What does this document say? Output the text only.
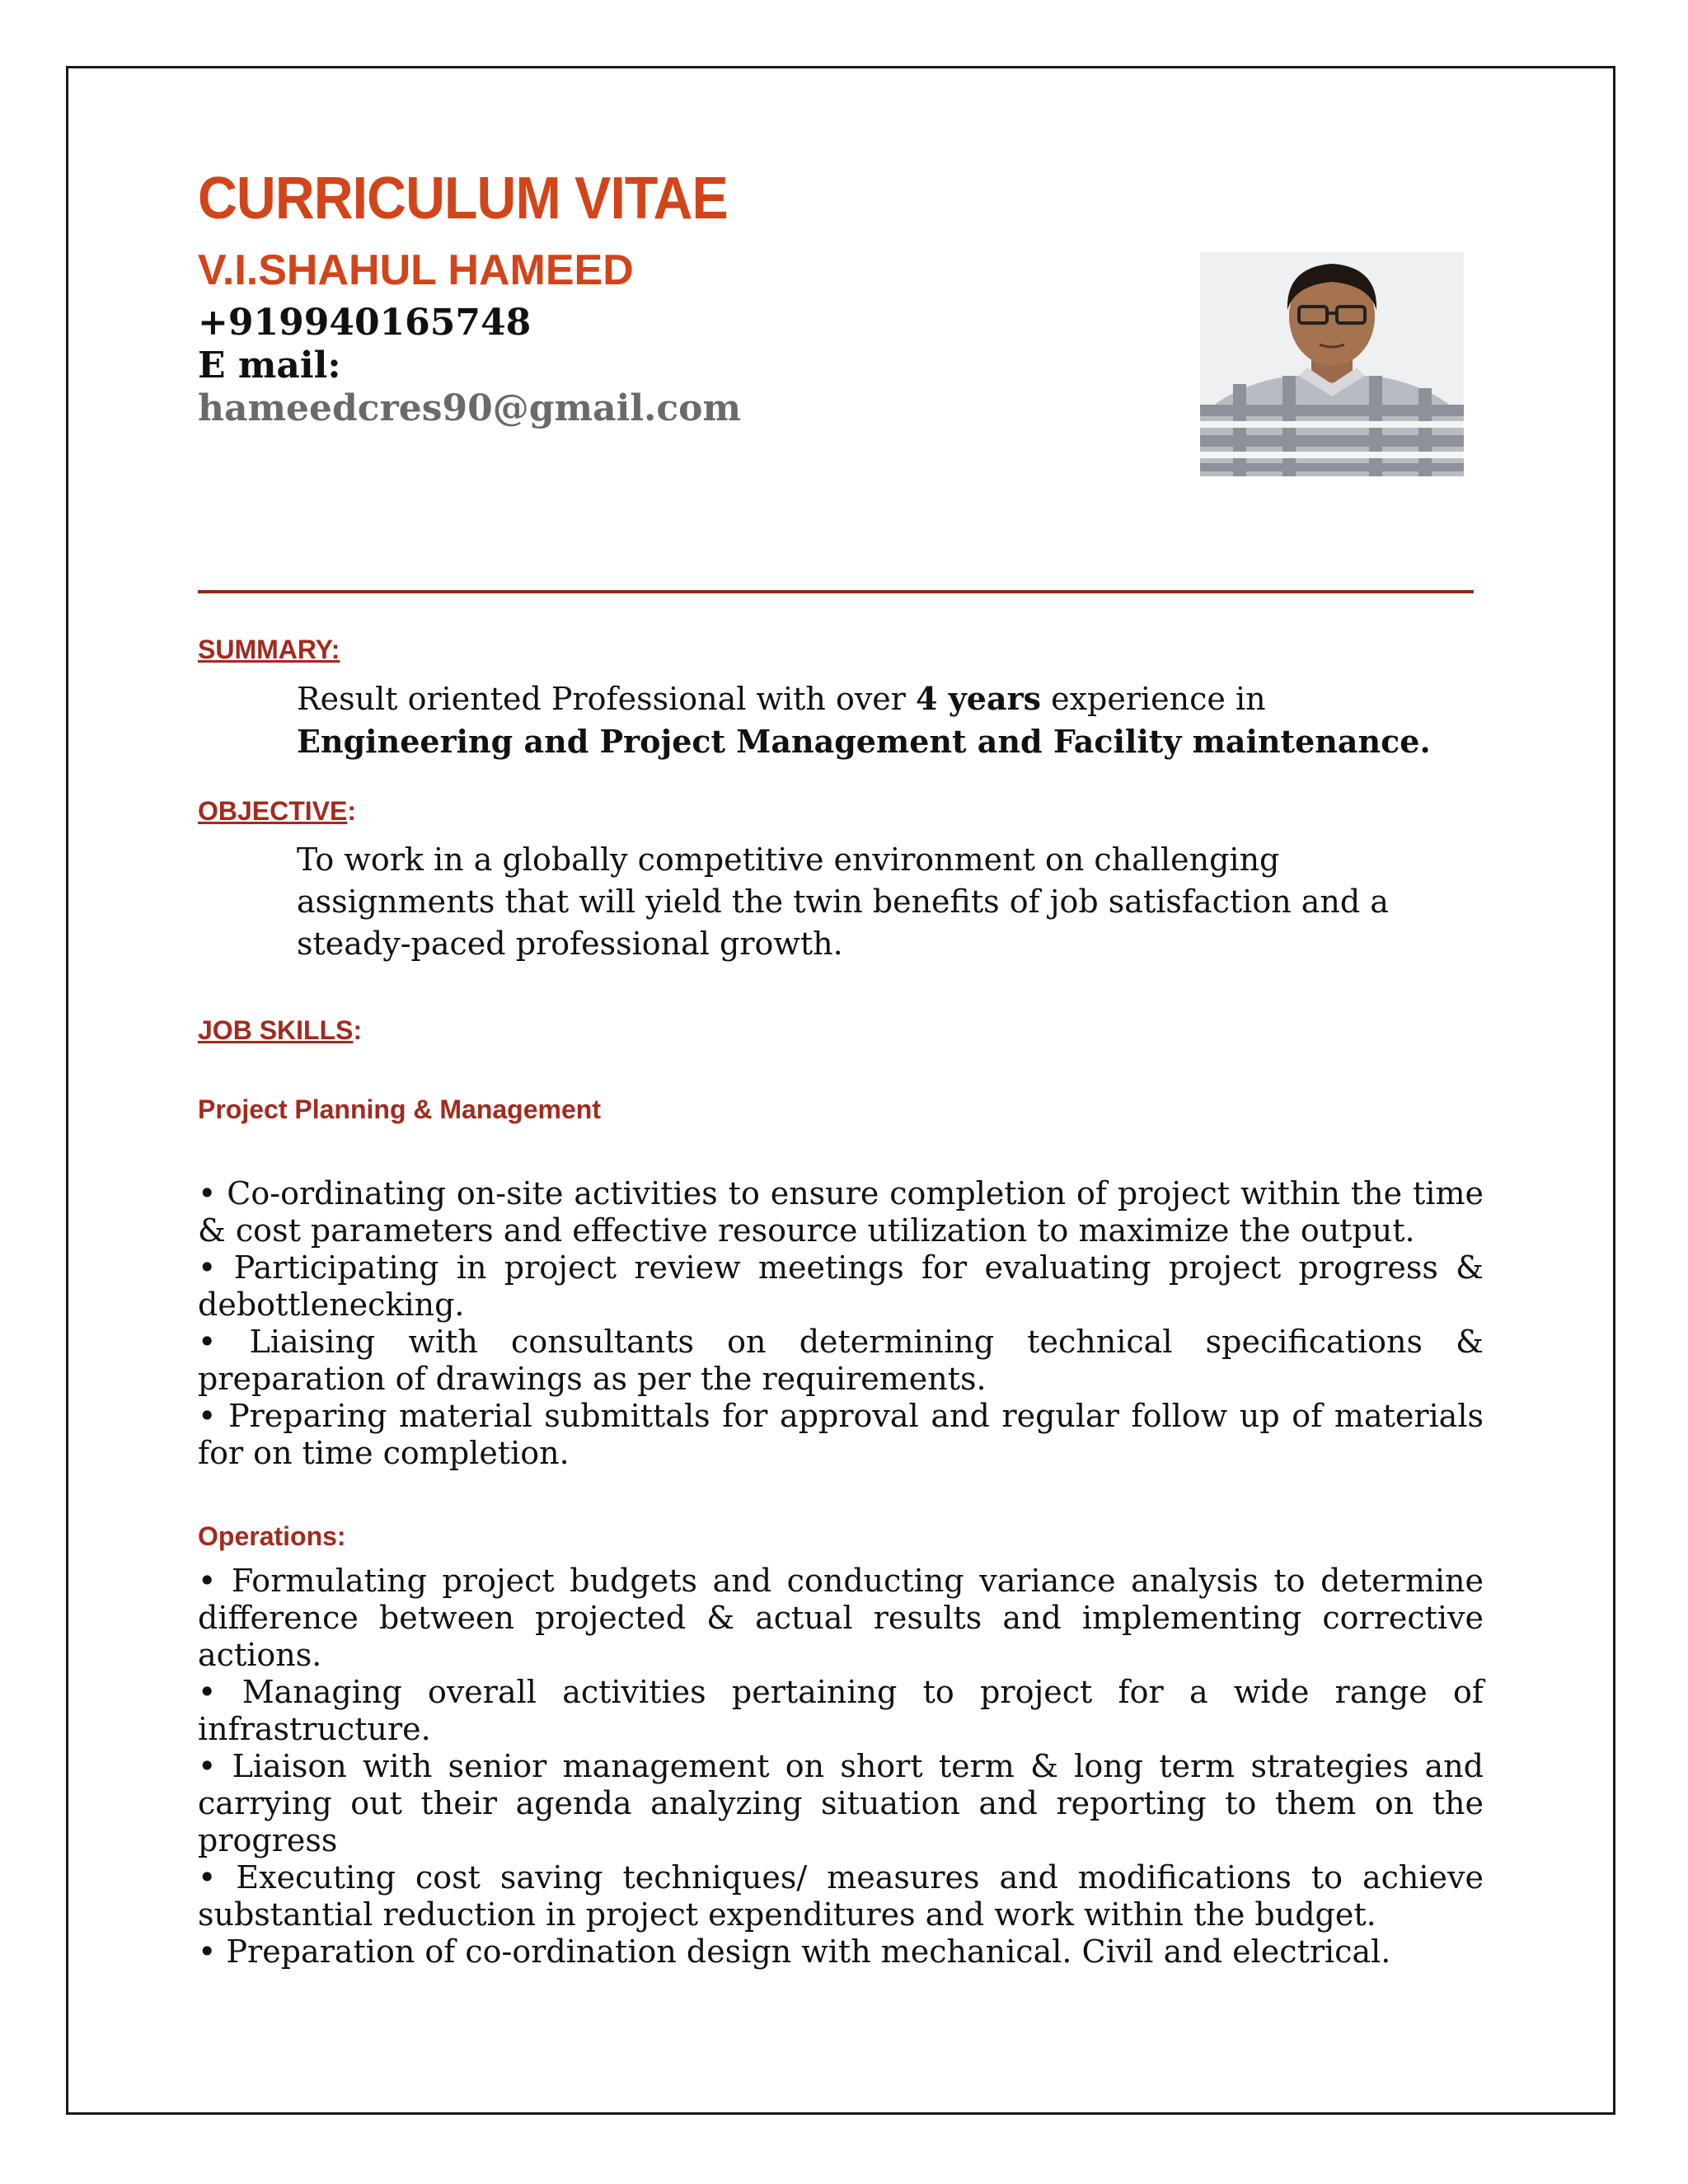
CURRICULUM VITAE
V.I.SHAHUL HAMEED
+919940165748
E mail:
hameedcres90@gmail.com
SUMMARY:

Result oriented Professional with over 4 years experience in Engineering and Project Management and Facility maintenance.

OBJECTIVE:

To work in a globally competitive environment on challenging assignments that will yield the twin benefits of job satisfaction and a steady-paced professional growth.

JOB SKILLS:
Project Planning & Management

• Co-ordinating on-site activities to ensure completion of project within the time & cost parameters and effective resource utilization to maximize the output.

• Participating in project review meetings for evaluating project progress & debottlenecking.

• Liaising with consultants on determining technical specifications & preparation of drawings as per the requirements.

• Preparing material submittals for approval and regular follow up of materials for on time completion.

Operations:

• Formulating project budgets and conducting variance analysis to determine difference between projected & actual results and implementing corrective actions.

• Managing overall activities pertaining to project for a wide range of infrastructure.

• Liaison with senior management on short term & long term strategies and carrying out their agenda analyzing situation and reporting to them on the progress

• Executing cost saving techniques/ measures and modifications to achieve substantial reduction in project expenditures and work within the budget.

• Preparation of co-ordination design with mechanical. Civil and electrical.
